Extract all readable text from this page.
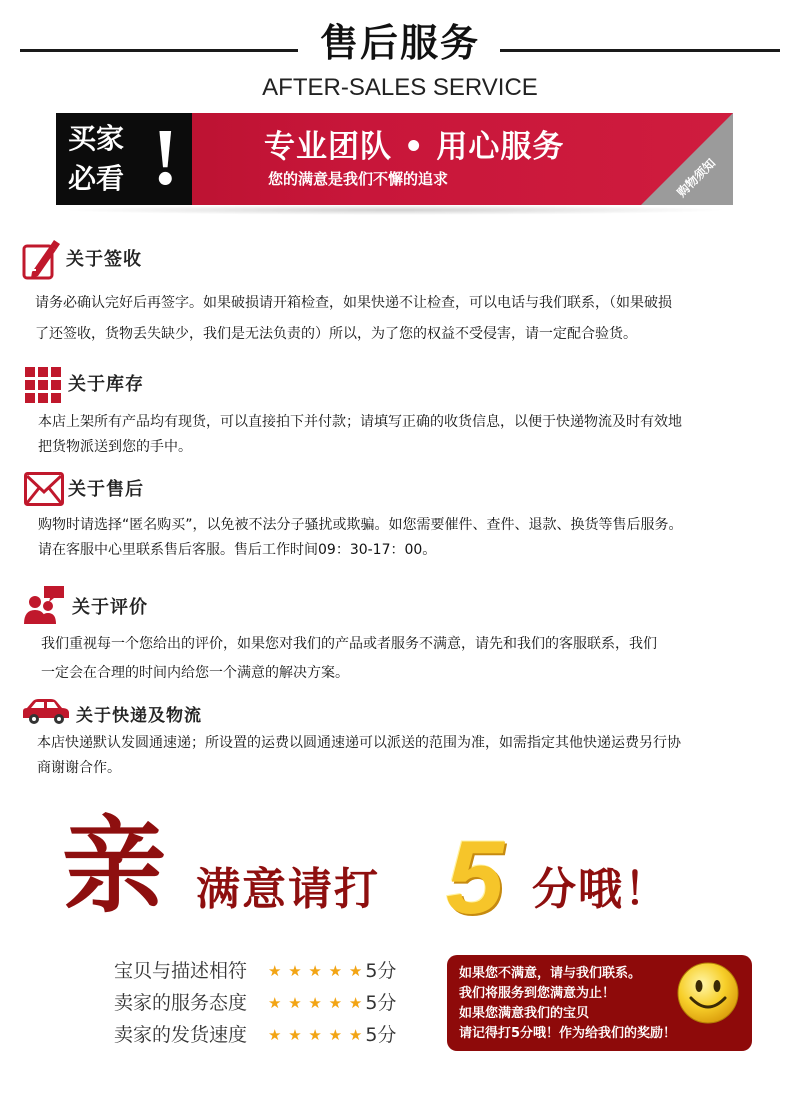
售后服务
AFTER-SALES SERVICE
买家
必看 !	专业团队 • 用心服务
您的满意是我们不懈的追求	购物须知
关于签收
请务必确认完好后再签字。如果破损请开箱检查，如果快递不让检查，可以电话与我们联系，（如果破损
了还签收，货物丢失缺少，我们是无法负责的）所以，为了您的权益不受侵害，请一定配合验货。
关于库存
本店上架所有产品均有现货，可以直接拍下并付款；请填写正确的收货信息，以便于快递物流及时有效地
把货物派送到您的手中。
关于售后
购物时请选择“匿名购买”，以免被不法分子骚扰或欺骗。如您需要催件、查件、退款、换货等售后服务。
请在客服中心里联系售后客服。售后工作时间09：30-17：00。
关于评价
我们重视每一个您给出的评价，如果您对我们的产品或者服务不满意，请先和我们的客服联系，我们
一定会在合理的时间内给您一个满意的解决方案。
关于快递及物流
本店快递默认发圆通速递；所设置的运费以圆通速递可以派送的范围为准，如需指定其他快递运费另行协
商谢谢合作。
亲 满意请打 5 分哦！
宝贝与描述相符 ★ ★ ★ ★ ★ 5分
卖家的服务态度 ★ ★ ★ ★ ★ 5分
卖家的发货速度 ★ ★ ★ ★ ★ 5分
如果您不满意，请与我们联系。
我们将服务到您满意为止！
如果您满意我们的宝贝
请记得打5分哦！作为给我们的奖励！
